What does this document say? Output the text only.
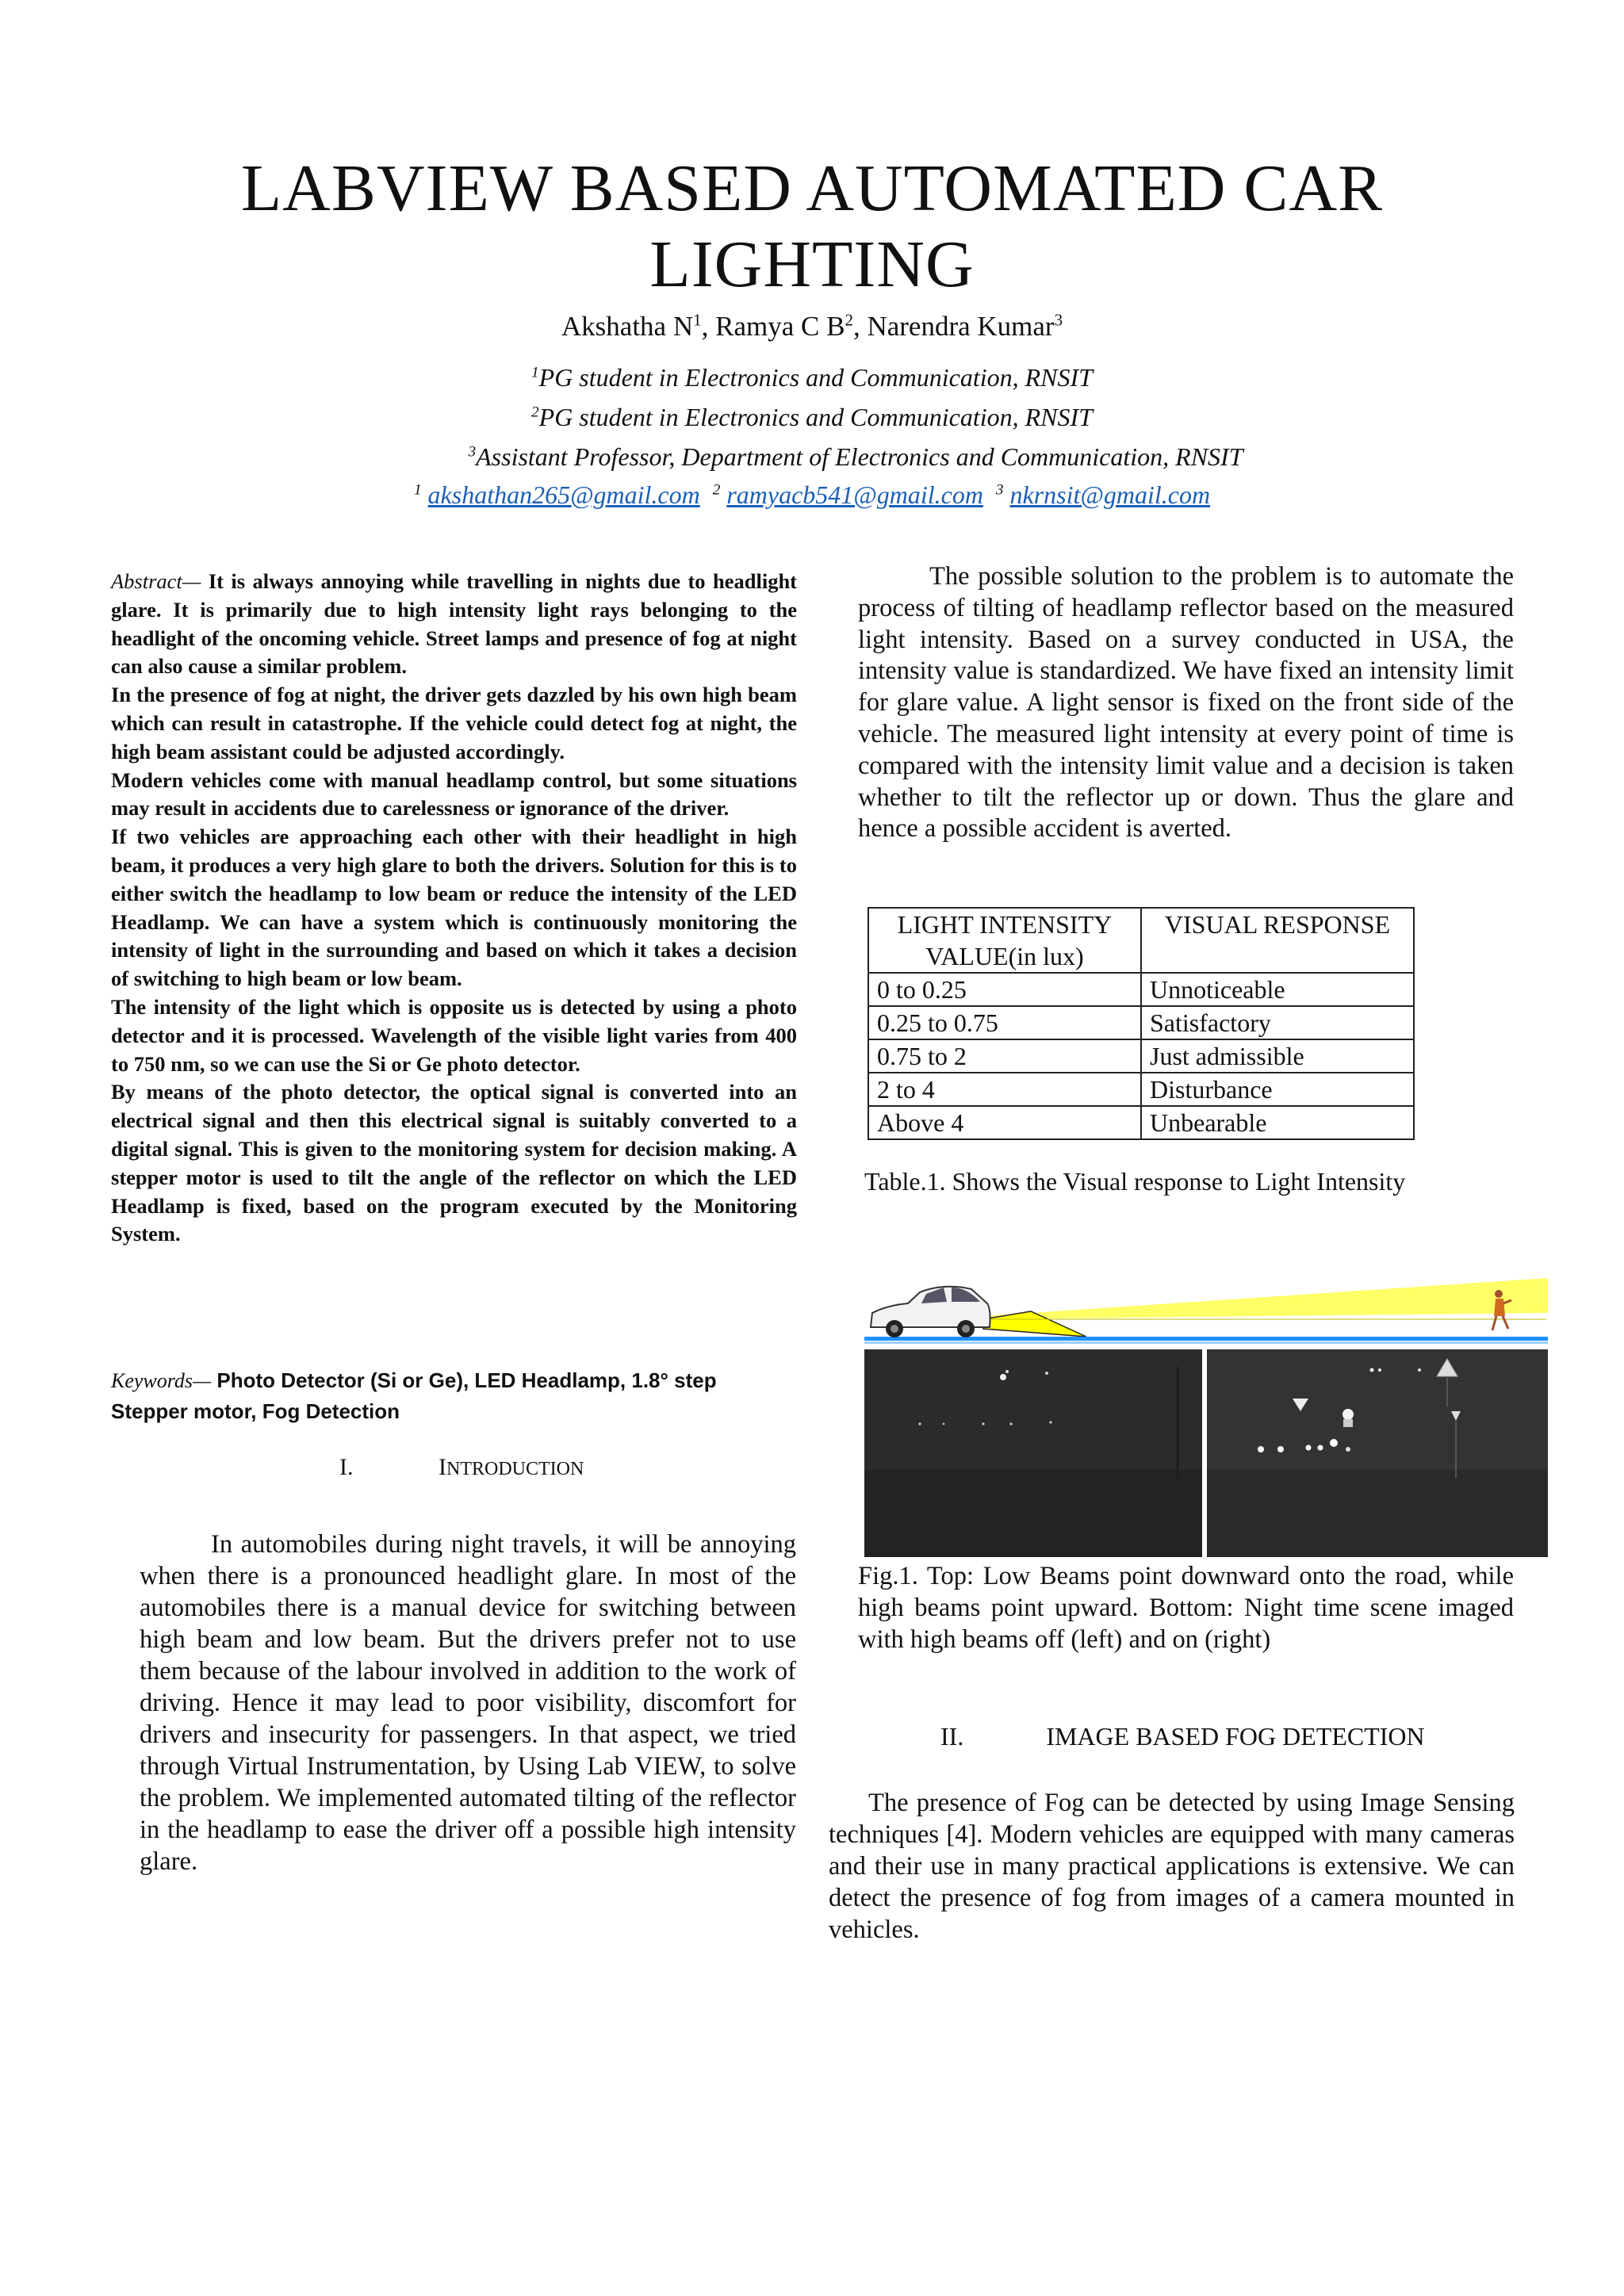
LABVIEW BASED AUTOMATED CAR
LIGHTING
Akshatha $N^1$, Ramya C $B^2$, Narendra Kumar$^3$
$^1$PG student in Electronics and Communication, RNSIT
$^2$PG student in Electronics and Communication, RNSIT
$^3$Assistant Professor, Department of Electronics and Communication, RNSIT
$^1$ akshathan265@gmail.com $^2$ ramyacb541@gmail.com $^3$ nkrnsit@gmail.com

Abstract— It is always annoying while travelling in nights due to headlight glare. It is primarily due to high intensity light rays belonging to the headlight of the oncoming vehicle. Street lamps and presence of fog at night can also cause a similar problem.

In the presence of fog at night, the driver gets dazzled by his own high beam which can result in catastrophe. If the vehicle could detect fog at night, the high beam assistant could be adjusted accordingly.

Modern vehicles come with manual headlamp control, but some situations may result in accidents due to carelessness or ignorance of the driver.

If two vehicles are approaching each other with their headlight in high beam, it produces a very high glare to both the drivers. Solution for this is to either switch the headlamp to low beam or reduce the intensity of the LED Headlamp. We can have a system which is continuously monitoring the intensity of light in the surrounding and based on which it takes a decision of switching to high beam or low beam.

The intensity of the light which is opposite us is detected by using a photo detector and it is processed. Wavelength of the visible light varies from 400 to 750 nm, so we can use the Si or Ge photo detector.

By means of the photo detector, the optical signal is converted into an electrical signal and then this electrical signal is suitably converted to a digital signal. This is given to the monitoring system for decision making. A stepper motor is used to tilt the angle of the reflector on which the LED Headlamp is fixed, based on the program executed by the Monitoring System.

Keywords— Photo Detector (Si or Ge), LED Headlamp, 1.8° step Stepper motor, Fog Detection
I.	INTRODUCTION

In automobiles during night travels, it will be annoying when there is a pronounced headlight glare. In most of the automobiles there is a manual device for switching between high beam and low beam. But the drivers prefer not to use them because of the labour involved in addition to the work of driving. Hence it may lead to poor visibility, discomfort for drivers and insecurity for passengers. In that aspect, we tried through Virtual Instrumentation, by Using Lab VIEW, to solve the problem. We implemented automated tilting of the reflector in the headlamp to ease the driver off a possible high intensity glare.

The possible solution to the problem is to automate the process of tilting of headlamp reflector based on the measured light intensity. Based on a survey conducted in USA, the intensity value is standardized. We have fixed an intensity limit for glare value. A light sensor is fixed on the front side of the vehicle. The measured light intensity at every point of time is compared with the intensity limit value and a decision is taken whether to tilt the reflector up or down. Thus the glare and hence a possible accident is averted.

LIGHT INTENSITY VALUE(in lux)	VISUAL RESPONSE
0 to 0.25	Unnoticeable
0.25 to 0.75	Satisfactory
0.75 to 2	Just admissible
2 to 4	Disturbance
Above 4	Unbearable
Table.1. Shows the Visual response to Light Intensity
Fig.1. Top: Low Beams point downward onto the road, while high beams point upward. Bottom: Night time scene imaged with high beams off (left) and on (right)
II.	IMAGE BASED FOG DETECTION

The presence of Fog can be detected by using Image Sensing techniques [4]. Modern vehicles are equipped with many cameras and their use in many practical applications is extensive. We can detect the presence of fog from images of a camera mounted in vehicles.
